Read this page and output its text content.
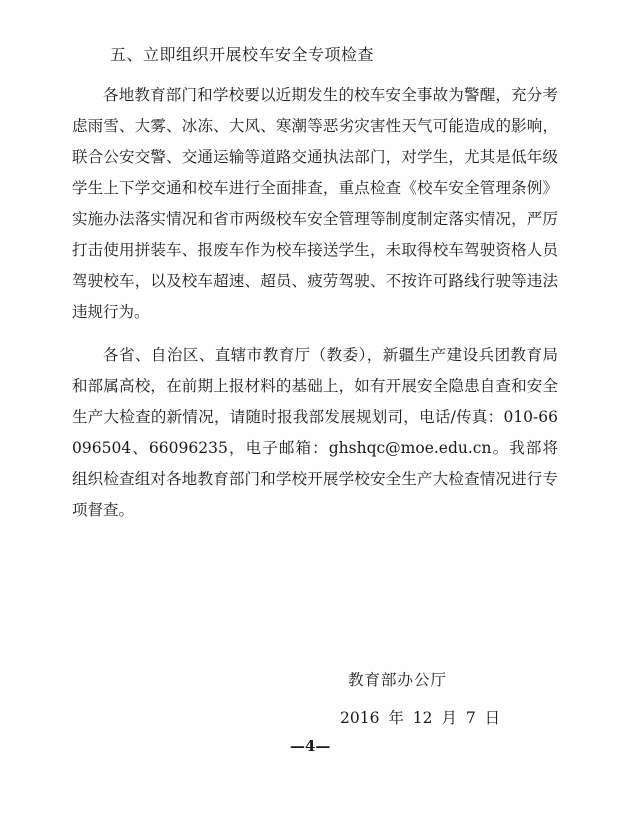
五、立即组织开展校车安全专项检查

各地教育部门和学校要以近期发生的校车安全事故为警醒，充分考虑雨雪、大雾、冰冻、大风、寒潮等恶劣灾害性天气可能造成的影响，联合公安交警、交通运输等道路交通执法部门，对学生，尤其是低年级学生上下学交通和校车进行全面排查，重点检查《校车安全管理条例》实施办法落实情况和省市两级校车安全管理等制度制定落实情况，严厉打击使用拼装车、报废车作为校车接送学生，未取得校车驾驶资格人员驾驶校车，以及校车超速、超员、疲劳驾驶、不按许可路线行驶等违法违规行为。

各省、自治区、直辖市教育厅（教委），新疆生产建设兵团教育局和部属高校，在前期上报材料的基础上，如有开展安全隐患自查和安全生产大检查的新情况，请随时报我部发展规划司，电话/传真：010-66096504、66096235，电子邮箱：ghshqc@moe.edu.cn。我部将组织检查组对各地教育部门和学校开展学校安全生产大检查情况进行专项督查。

教育部办公厅

2016 年 12 月 7 日

—4—
